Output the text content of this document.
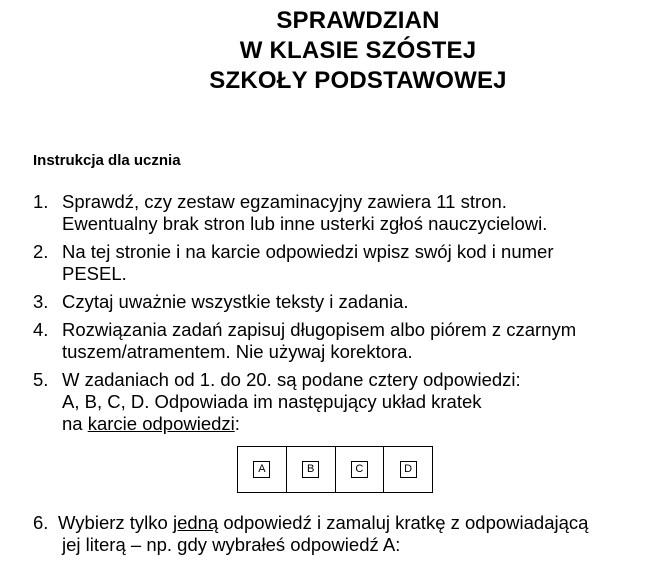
SPRAWDZIAN
W KLASIE SZÓSTEJ
SZKOŁY PODSTAWOWEJ
Instrukcja dla ucznia
1. Sprawdź, czy zestaw egzaminacyjny zawiera 11 stron.
Ewentualny brak stron lub inne usterki zgłoś nauczycielowi.
2. Na tej stronie i na karcie odpowiedzi wpisz swój kod i numer
PESEL.
3. Czytaj uważnie wszystkie teksty i zadania.
4. Rozwiązania zadań zapisuj długopisem albo piórem z czarnym
tuszem/atramentem. Nie używaj korektora.
5. W zadaniach od 1. do 20. są podane cztery odpowiedzi:
A, B, C, D. Odpowiada im następujący układ kratek
na karcie odpowiedzi:
A	B	C	D
6. Wybierz tylko jedną odpowiedź i zamaluj kratkę z odpowiadającą
jej literą – np. gdy wybrałeś odpowiedź A:
